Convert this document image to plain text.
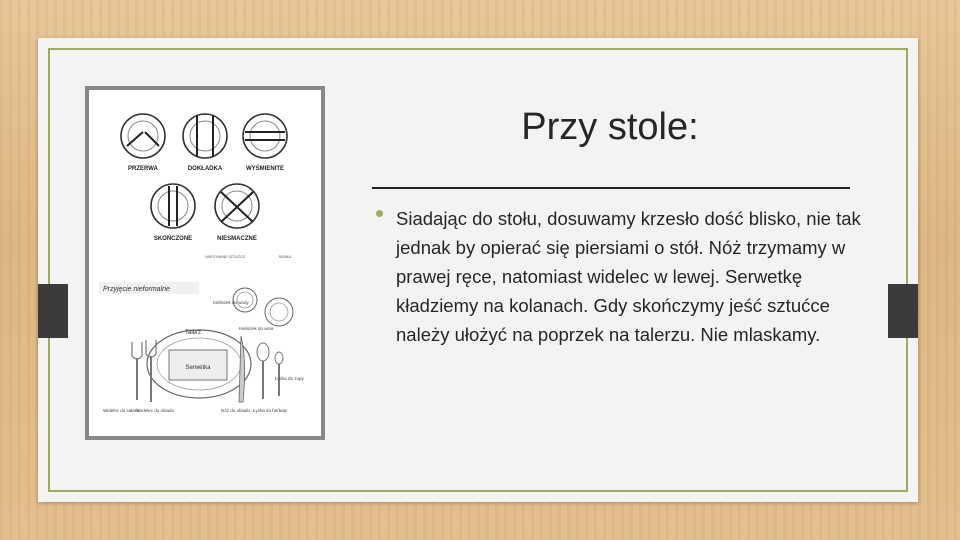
PRZERWA	DOKŁADKA	WYŚMIENITE
SKOŃCZONE	NIESMACZNE
HARTOWANE SZTUĆCE	RABIKA
Przyjęcie nieformalne
Kieliszek do wody
Kieliszek do wina
Talerz
Serwetka
Widelec do sałatki
Widelec do obiadu	Nóż do obiadu
Łyżka do zupy
Łyżka do herbaty
Przy stole:
Siadając do stołu, dosuwamy krzesło dość blisko, nie tak jednak by opierać się piersiami o stół. Nóż trzymamy w prawej ręce, natomiast widelec w lewej. Serwetkę kładziemy na kolanach. Gdy skończymy jeść sztućce należy ułożyć na poprzek na talerzu. Nie mlaskamy.
